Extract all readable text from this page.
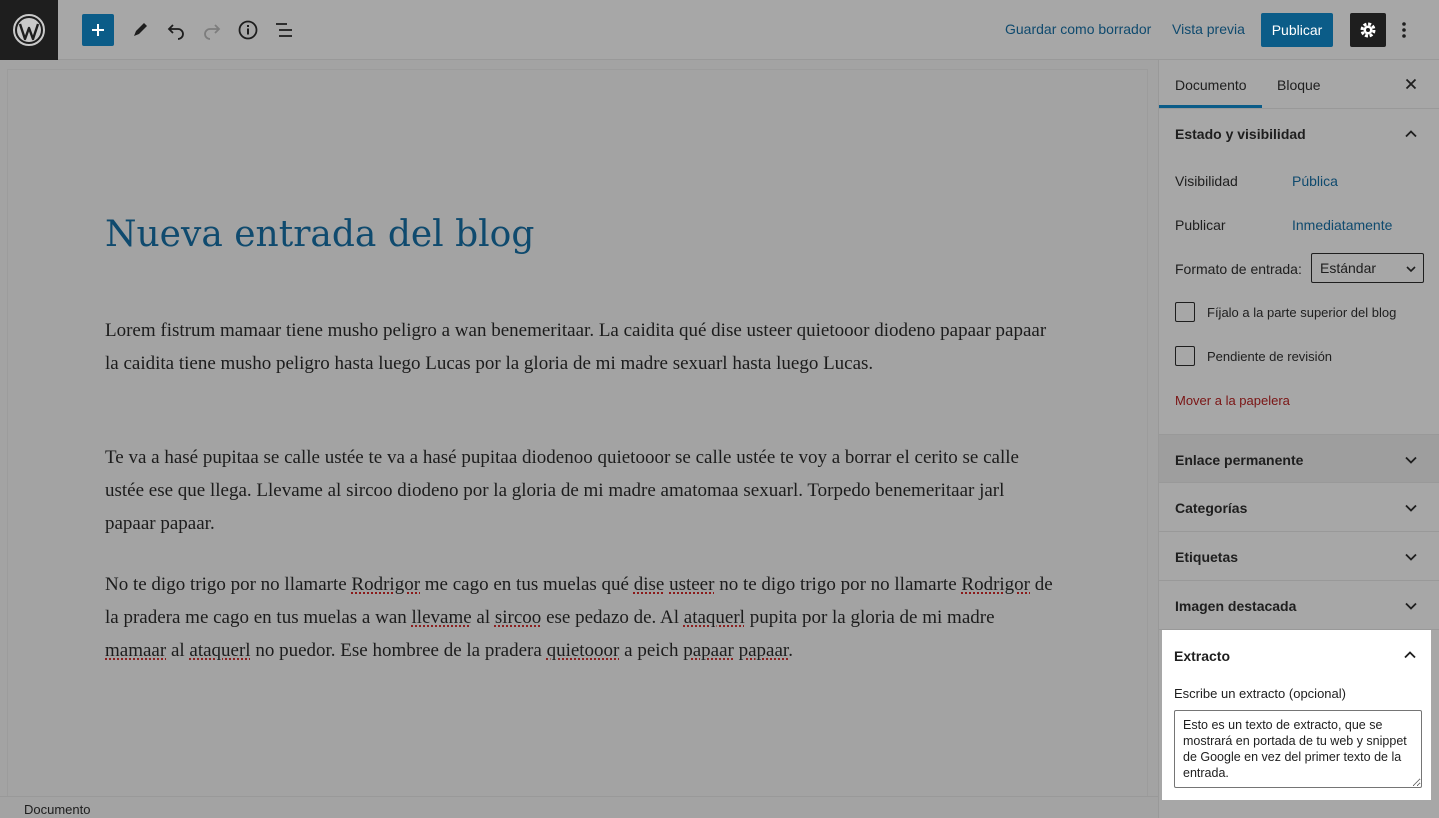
Guardar como borrador Vista previa	Publicar
Nueva entrada del blog

Lorem fistrum mamaar tiene musho peligro a wan benemeritaar. La caidita qué dise usteer quietooor diodeno papaar papaar la caidita tiene musho peligro hasta luego Lucas por la gloria de mi madre sexuarl hasta luego Lucas.

Te va a hasé pupitaa se calle ustée te va a hasé pupitaa diodenoo quietooor se calle ustée te voy a borrar el cerito se calle ustée ese que llega. Llevame al sircoo diodeno por la gloria de mi madre amatomaa sexuarl. Torpedo benemeritaar jarl papaar papaar.

No te digo trigo por no llamarte Rodrigor me cago en tus muelas qué dise usteer no te digo trigo por no llamarte Rodrigor de la pradera me cago en tus muelas a wan llevame al sircoo ese pedazo de. Al ataquerl pupita por la gloria de mi madre mamaar al ataquerl no puedor. Ese hombree de la pradera quietooor a peich papaar papaar.

Documento
Documento Bloque
Estado y visibilidad
Visibilidad	Pública
Publicar	Inmediatamente
Formato de entrada: Estándar
Fíjalo a la parte superior del blog
Pendiente de revisión
Mover a la papelera
Enlace permanente
Categorías
Etiquetas
Imagen destacada
Extracto
Escribe un extracto (opcional)
Esto es un texto de extracto, que se mostrará en portada de tu web y snippet de Google en vez del primer texto de la entrada.
